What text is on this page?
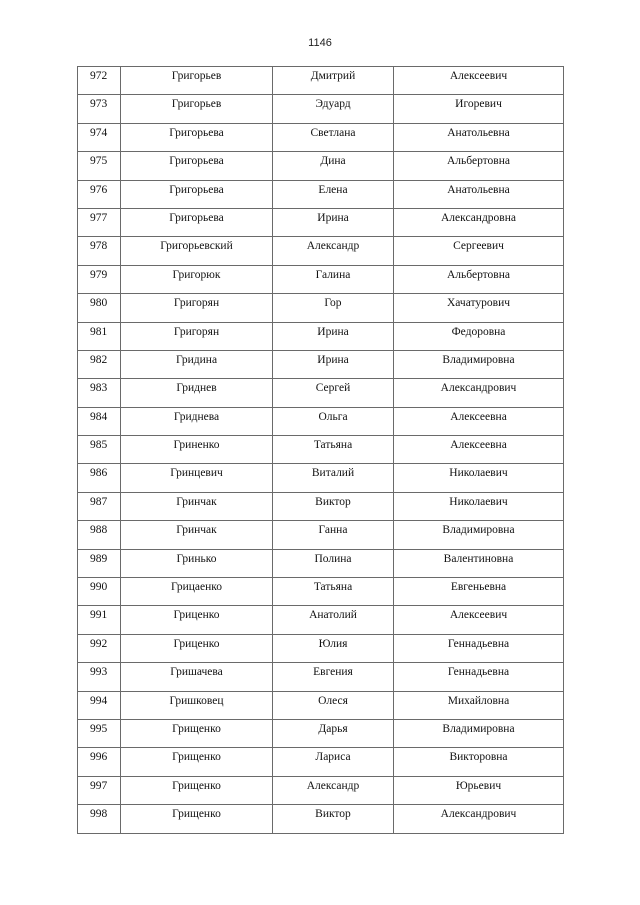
1146
972	Григорьев	Дмитрий	Алексеевич

973	Григорьев	Эдуард	Игоревич

974	Григорьева	Светлана	Анатольевна

975	Григорьева	Дина	Альбертовна

976	Григорьева	Елена	Анатольевна

977	Григорьева	Ирина	Александровна

978	Григорьевский	Александр	Сергеевич

979	Григорюк	Галина	Альбертовна

980	Григорян	Гор	Хачатурович

981	Григорян	Ирина	Федоровна

982	Гридина	Ирина	Владимировна

983	Гриднев	Сергей	Александрович

984	Гриднева	Ольга	Алексеевна

985	Гриненко	Татьяна	Алексеевна

986	Гринцевич	Виталий	Николаевич

987	Гринчак	Виктор	Николаевич

988	Гринчак	Ганна	Владимировна

989	Гринько	Полина	Валентиновна

990	Грицаенко	Татьяна	Евгеньевна

991	Гриценко	Анатолий	Алексеевич

992	Гриценко	Юлия	Геннадьевна

993	Гришачева	Евгения	Геннадьевна

994	Гришковец	Олеся	Михайловна

995	Грищенко	Дарья	Владимировна

996	Грищенко	Лариса	Викторовна

997	Грищенко	Александр	Юрьевич

998	Грищенко	Виктор	Александрович
